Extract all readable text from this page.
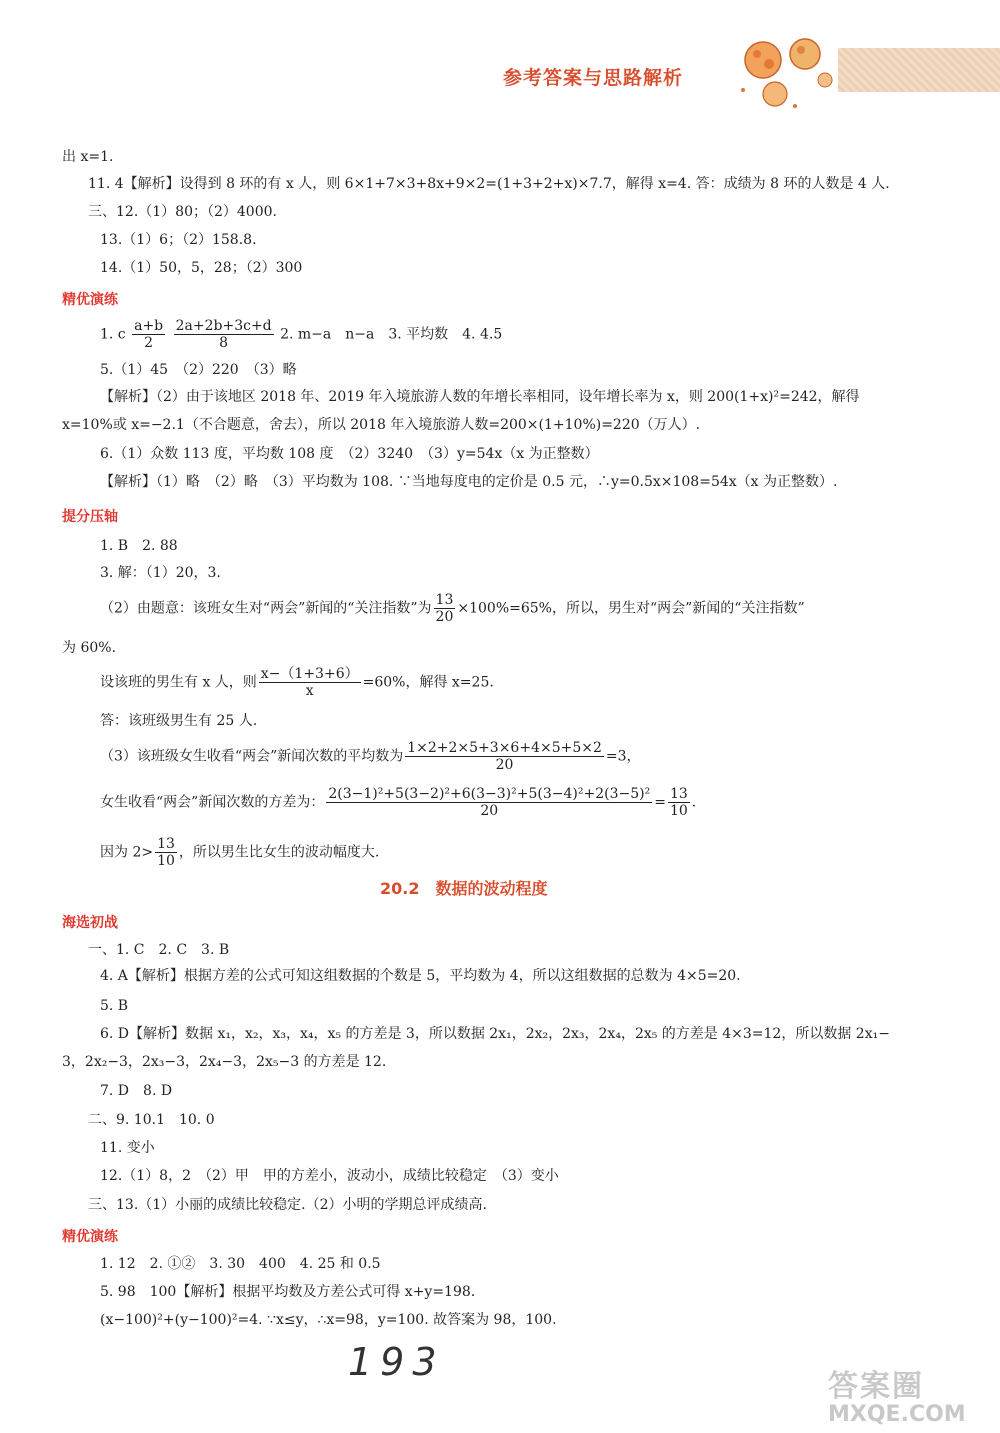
参考答案与思路解析
出 x=1.
11. 4【解析】设得到 8 环的有 x 人，则 6×1+7×3+8x+9×2=(1+3+2+x)×7.7，解得 x=4. 答：成绩为 8 环的人数是 4 人.
三、12.（1）80；（2）4000.
13.（1）6；（2）158.8.
14.（1）50，5，28；（2）300
精优演练
1. c $\frac{a+b}{2}$
$\frac{2a+2b+3c+d}{8} 2$. m−a　n−a　3. 平均数　4. 4.5
5.（1）45　（2）220　（3）略
【解析】（2）由于该地区 2018 年、2019 年入境旅游人数的年增长率相同，设年增长率为 x，则 200(1+x)²=242，解得
x=10%或 x=−2.1（不合题意，舍去），所以 2018 年入境旅游人数=200×(1+10%)=220（万人）.
6.（1）众数 113 度，平均数 108 度　（2）3240　（3）y=54x（x 为正整数）
【解析】（1）略　（2）略　（3）平均数为 108. ∵当地每度电的定价是 0.5 元，∴y=0.5x×108=54x（x 为正整数）.
提分压轴
1. B　2. 88
3. 解：（1）20，3.
（2）由题意：该班女生对“两会”新闻的“关注指数”为 $\frac{13}{20} \times 100\%=65\%$，所以，男生对“两会”新闻的“关注指数”
为 60%.
设该班的男生有 x 人，则 $\frac{x-(1+3+6)}{x} =60\%$，解得 x=25.
答：该班级男生有 25 人.
（3）该班级女生收看“两会”新闻次数的平均数为 $\frac{1\times 2+2\times 5+3\times 6+4\times 5+5\times 2}{20} =3$，
女生收看“两会”新闻次数的方差为： $\frac{\text{2(3−1)²+5(3−2)²+6(3−3)²+5(3−4)²+2(3−5)²}}{20} = \frac{13}{10}$ .
因为 $2> \frac{13}{10}$ ，所以男生比女生的波动幅度大.
20.2　数据的波动程度
海选初战
一、1. C　2. C　3. B
4. A【解析】根据方差的公式可知这组数据的个数是 5，平均数为 4，所以这组数据的总数为 4×5=20.
5. B
6. D【解析】数据 x₁，x₂，x₃，x₄，x₅ 的方差是 3，所以数据 2x₁，2x₂，2x₃，2x₄，2x₅ 的方差是 4×3=12，所以数据 2x₁−
3，2x₂−3，2x₃−3，2x₄−3，2x₅−3 的方差是 12.
7. D　8. D
二、9. 10.1　10. 0
11. 变小
12.（1）8，2　（2）甲　甲的方差小，波动小，成绩比较稳定　（3）变小
三、13.（1）小丽的成绩比较稳定.（2）小明的学期总评成绩高.
精优演练
1. 12　2. ①②　3. 30　400　4. 25 和 0.5
5. 98　100【解析】根据平均数及方差公式可得 x+y=198.
(x−100)²+(y−100)²=4. ∵x≤y，∴x=98，y=100. 故答案为 98，100.
193
答案圈
MXQE.COM
